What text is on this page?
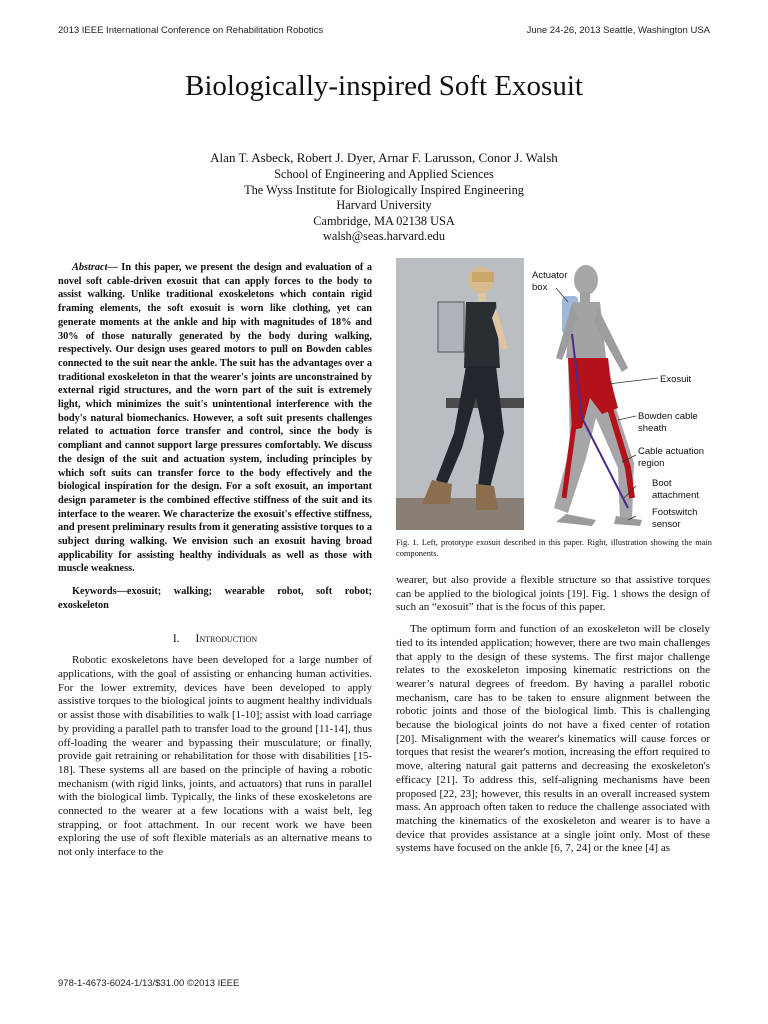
2013 IEEE International Conference on Rehabilitation Robotics	June 24-26, 2013 Seattle, Washington USA
Biologically-inspired Soft Exosuit
Alan T. Asbeck, Robert J. Dyer, Arnar F. Larusson, Conor J. Walsh
School of Engineering and Applied Sciences
The Wyss Institute for Biologically Inspired Engineering
Harvard University
Cambridge, MA 02138 USA
walsh@seas.harvard.edu

Abstract— In this paper, we present the design and evaluation of a novel soft cable-driven exosuit that can apply forces to the body to assist walking. Unlike traditional exoskeletons which contain rigid framing elements, the soft exosuit is worn like clothing, yet can generate moments at the ankle and hip with magnitudes of 18% and 30% of those naturally generated by the body during walking, respectively. Our design uses geared motors to pull on Bowden cables connected to the suit near the ankle. The suit has the advantages over a traditional exoskeleton in that the wearer's joints are unconstrained by external rigid structures, and the worn part of the suit is extremely light, which minimizes the suit's unintentional interference with the body's natural biomechanics. However, a soft suit presents challenges related to actuation force transfer and control, since the body is compliant and cannot support large pressures comfortably. We discuss the design of the suit and actuation system, including principles by which soft suits can transfer force to the body effectively and the biological inspiration for the design. For a soft exosuit, an important design parameter is the combined effective stiffness of the suit and its interface to the wearer. We characterize the exosuit's effective stiffness, and present preliminary results from it generating assistive torques to a subject during walking. We envision such an exosuit having broad applicability for assisting healthy individuals as well as those with muscle weakness.

Keywords—exosuit; walking; wearable robot, soft robot; exoskeleton

I. Introduction

Robotic exoskeletons have been developed for a large number of applications, with the goal of assisting or enhancing human activities. For the lower extremity, devices have been developed to apply assistive torques to the biological joints to augment healthy individuals or assist those with disabilities to walk [1-10]; assist with load carriage by providing a parallel path to transfer load to the ground [11-14], thus off-loading the wearer and bypassing their musculature; or finally, provide gait retraining or rehabilitation for those with disabilities [15-18]. These systems all are based on the principle of having a robotic mechanism (with rigid links, joints, and actuators) that runs in parallel with the biological limb. Typically, the links of these exoskeletons are connected to the wearer at a few locations with a waist belt, leg strapping, or foot attachment. In our recent work we have been exploring the use of soft flexible materials as an alternative means to not only interface to the

Actuator
box
Exosuit
Bowden cable
sheath
Cable actuation
region
Boot
attachment
Footswitch
sensor
Fig. 1. Left, prototype exosuit described in this paper. Right, illustration showing the main components.

wearer, but also provide a flexible structure so that assistive torques can be applied to the biological joints [19]. Fig. 1 shows the design of such an “exosuit” that is the focus of this paper.

The optimum form and function of an exoskeleton will be closely tied to its intended application; however, there are two main challenges that apply to the design of these systems. The first major challenge relates to the exoskeleton imposing kinematic restrictions on the wearer’s natural degrees of freedom. By having a parallel robotic mechanism, care has to be taken to ensure alignment between the robotic joints and those of the biological limb. This is challenging because the biological joints do not have a fixed center of rotation [20]. Misalignment with the wearer's kinematics will cause forces or torques that resist the wearer's motion, increasing the effort required to move, altering natural gait patterns and decreasing the exoskeleton's efficacy [21]. To address this, self-aligning mechanisms have been proposed [22, 23]; however, this results in an overall increased system mass. An approach often taken to reduce the challenge associated with matching the kinematics of the exoskeleton and wearer is to have a device that provides assistance at a single joint only. Most of these systems have focused on the ankle [6, 7, 24] or the knee [4] as

978-1-4673-6024-1/13/$31.00 ©2013 IEEE
